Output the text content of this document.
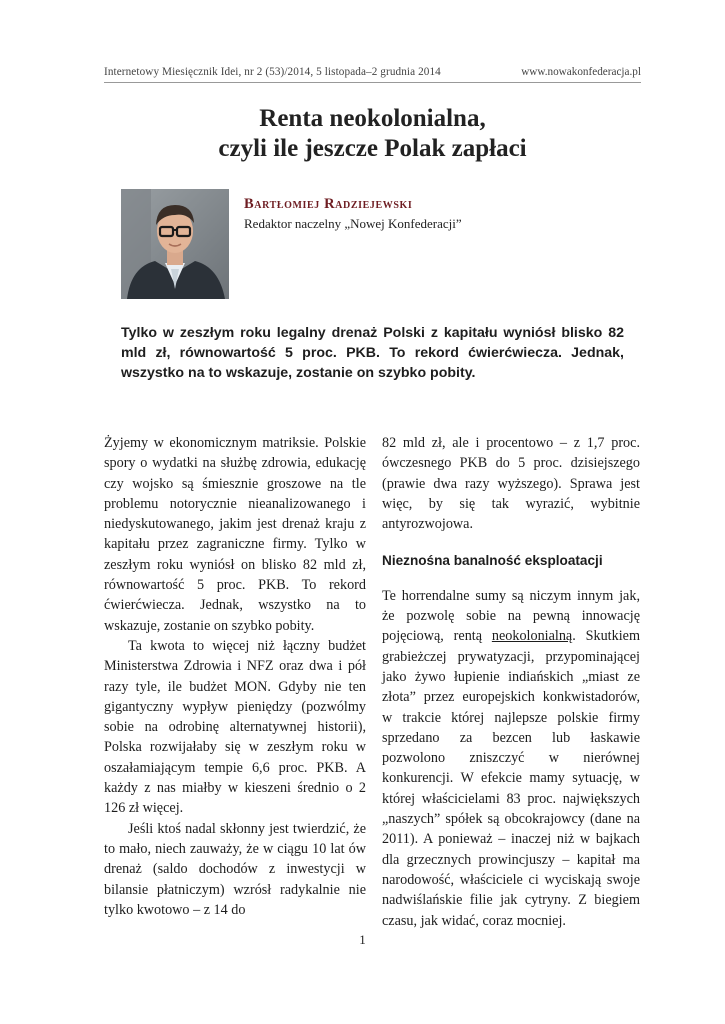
Internetowy Miesięcznik Idei, nr 2 (53)/2014, 5 listopada–2 grudnia 2014	www.nowakonfederacja.pl
Renta neokolonialna,
czyli ile jeszcze Polak zapłaci
Bartłomiej Radziejewski
Redaktor naczelny „Nowej Konfederacji”
Tylko w zeszłym roku legalny drenaż Polski z kapitału wyniósł blisko 82 mld zł, równowartość 5 proc. PKB. To rekord ćwierćwiecza. Jednak, wszystko na to wskazuje, zostanie on szybko pobity.

Żyjemy w ekonomicznym matriksie. Polskie spory o wydatki na służbę zdrowia, edukację czy wojsko są śmiesznie groszowe na tle problemu notorycznie nieanalizowanego i niedyskutowanego, jakim jest drenaż kraju z kapitału przez zagraniczne firmy. Tylko w zeszłym roku wyniósł on blisko 82 mld zł, równowartość 5 proc. PKB. To rekord ćwierćwiecza. Jednak, wszystko na to wskazuje, zostanie on szybko pobity.

Ta kwota to więcej niż łączny budżet Ministerstwa Zdrowia i NFZ oraz dwa i pół razy tyle, ile budżet MON. Gdyby nie ten gigantyczny wypływ pieniędzy (pozwólmy sobie na odrobinę alternatywnej historii), Polska rozwijałaby się w zeszłym roku w oszałamiającym tempie 6,6 proc. PKB. A każdy z nas miałby w kieszeni średnio o 2 126 zł więcej.

Jeśli ktoś nadal skłonny jest twierdzić, że to mało, niech zauważy, że w ciągu 10 lat ów drenaż (saldo dochodów z inwestycji w bilansie płatniczym) wzrósł radykalnie nie tylko kwotowo – z 14 do

82 mld zł, ale i procentowo – z 1,7 proc. ówczesnego PKB do 5 proc. dzisiejszego (prawie dwa razy wyższego). Sprawa jest więc, by się tak wyrazić, wybitnie antyrozwojowa.

Nieznośna banalność eksploatacji

Te horrendalne sumy są niczym innym jak, że pozwolę sobie na pewną innowację pojęciową, rentą neokolonialną. Skutkiem grabieżczej prywatyzacji, przypominającej jako żywo łupienie indiańskich „miast ze złota” przez europejskich konkwistadorów, w trakcie której najlepsze polskie firmy sprzedano za bezcen lub łaskawie pozwolono zniszczyć w nierównej konkurencji. W efekcie mamy sytuację, w której właścicielami 83 proc. największych „naszych” spółek są obcokrajowcy (dane na 2011). A ponieważ – inaczej niż w bajkach dla grzecznych prowincjuszy – kapitał ma narodowość, właściciele ci wyciskają swoje nadwiślańskie filie jak cytryny. Z biegiem czasu, jak widać, coraz mocniej.

1
